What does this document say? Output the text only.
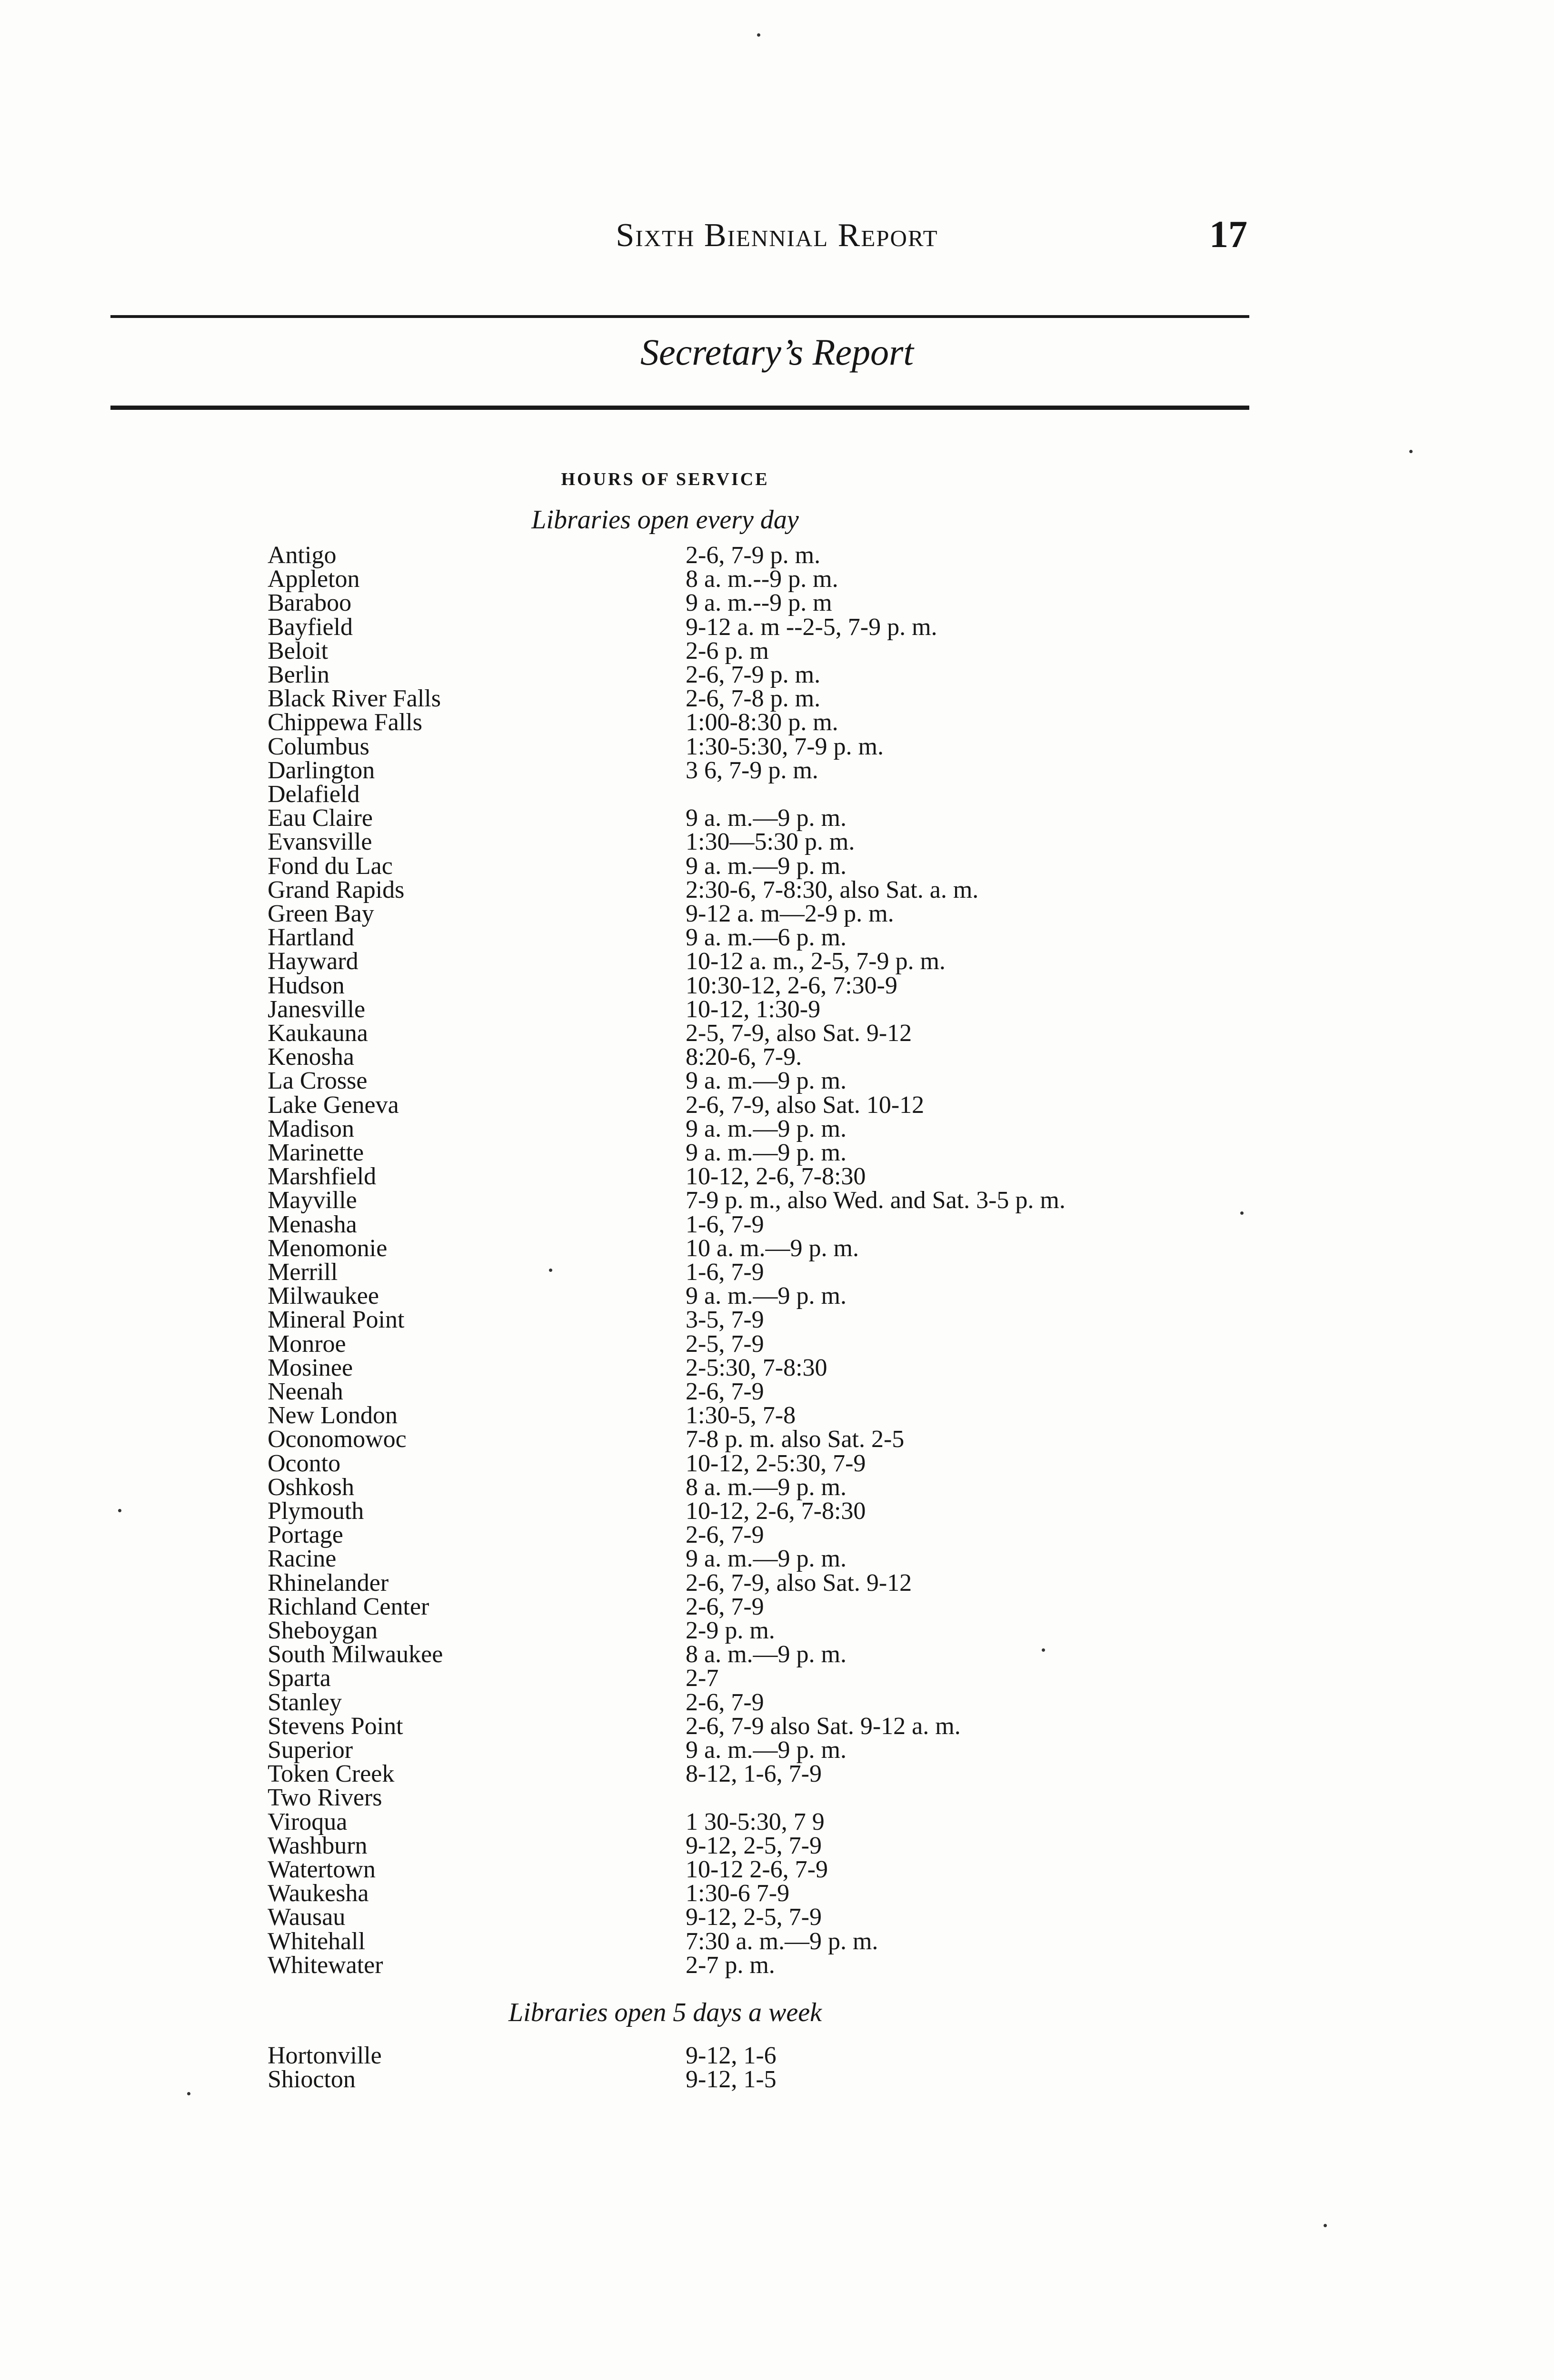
Sixth Biennial Report	17
Secretary’s Report
HOURS OF SERVICE
Libraries open every day
Antigo	2-6, 7-9 p. m.
Appleton	8 a. m.--9 p. m.
Baraboo	9 a. m.--9 p. m
Bayfield	9-12 a. m --2-5, 7-9 p. m.
Beloit	2-6 p. m
Berlin	2-6, 7-9 p. m.
Black River Falls	2-6, 7-8 p. m.
Chippewa Falls	1:00-8:30 p. m.
Columbus	1:30-5:30, 7-9 p. m.
Darlington	3 6, 7-9 p. m.
Delafield
Eau Claire	9 a. m.—9 p. m.
Evansville	1:30—5:30 p. m.
Fond du Lac	9 a. m.—9 p. m.
Grand Rapids	2:30-6, 7-8:30, also Sat. a. m.
Green Bay	9-12 a. m—2-9 p. m.
Hartland	9 a. m.—6 p. m.
Hayward	10-12 a. m., 2-5, 7-9 p. m.
Hudson	10:30-12, 2-6, 7:30-9
Janesville	10-12, 1:30-9
Kaukauna	2-5, 7-9, also Sat. 9-12
Kenosha	8:20-6, 7-9.
La Crosse	9 a. m.—9 p. m.
Lake Geneva	2-6, 7-9, also Sat. 10-12
Madison	9 a. m.—9 p. m.
Marinette	9 a. m.—9 p. m.
Marshfield	10-12, 2-6, 7-8:30
Mayville	7-9 p. m., also Wed. and Sat. 3-5 p. m.
Menasha	1-6, 7-9
Menomonie	10 a. m.—9 p. m.
Merrill	1-6, 7-9
Milwaukee	9 a. m.—9 p. m.
Mineral Point	3-5, 7-9
Monroe	2-5, 7-9
Mosinee	2-5:30, 7-8:30
Neenah	2-6, 7-9
New London	1:30-5, 7-8
Oconomowoc	7-8 p. m. also Sat. 2-5
Oconto	10-12, 2-5:30, 7-9
Oshkosh	8 a. m.—9 p. m.
Plymouth	10-12, 2-6, 7-8:30
Portage	2-6, 7-9
Racine	9 a. m.—9 p. m.
Rhinelander	2-6, 7-9, also Sat. 9-12
Richland Center	2-6, 7-9
Sheboygan	2-9 p. m.
South Milwaukee	8 a. m.—9 p. m.
Sparta	2-7
Stanley	2-6, 7-9
Stevens Point	2-6, 7-9 also Sat. 9-12 a. m.
Superior	9 a. m.—9 p. m.
Token Creek	8-12, 1-6, 7-9
Two Rivers
Viroqua	1 30-5:30, 7 9
Washburn	9-12, 2-5, 7-9
Watertown	10-12 2-6, 7-9
Waukesha	1:30-6 7-9
Wausau	9-12, 2-5, 7-9
Whitehall	7:30 a. m.—9 p. m.
Whitewater	2-7 p. m.
Libraries open 5 days a week
Hortonville	9-12, 1-6
Shiocton	9-12, 1-5
